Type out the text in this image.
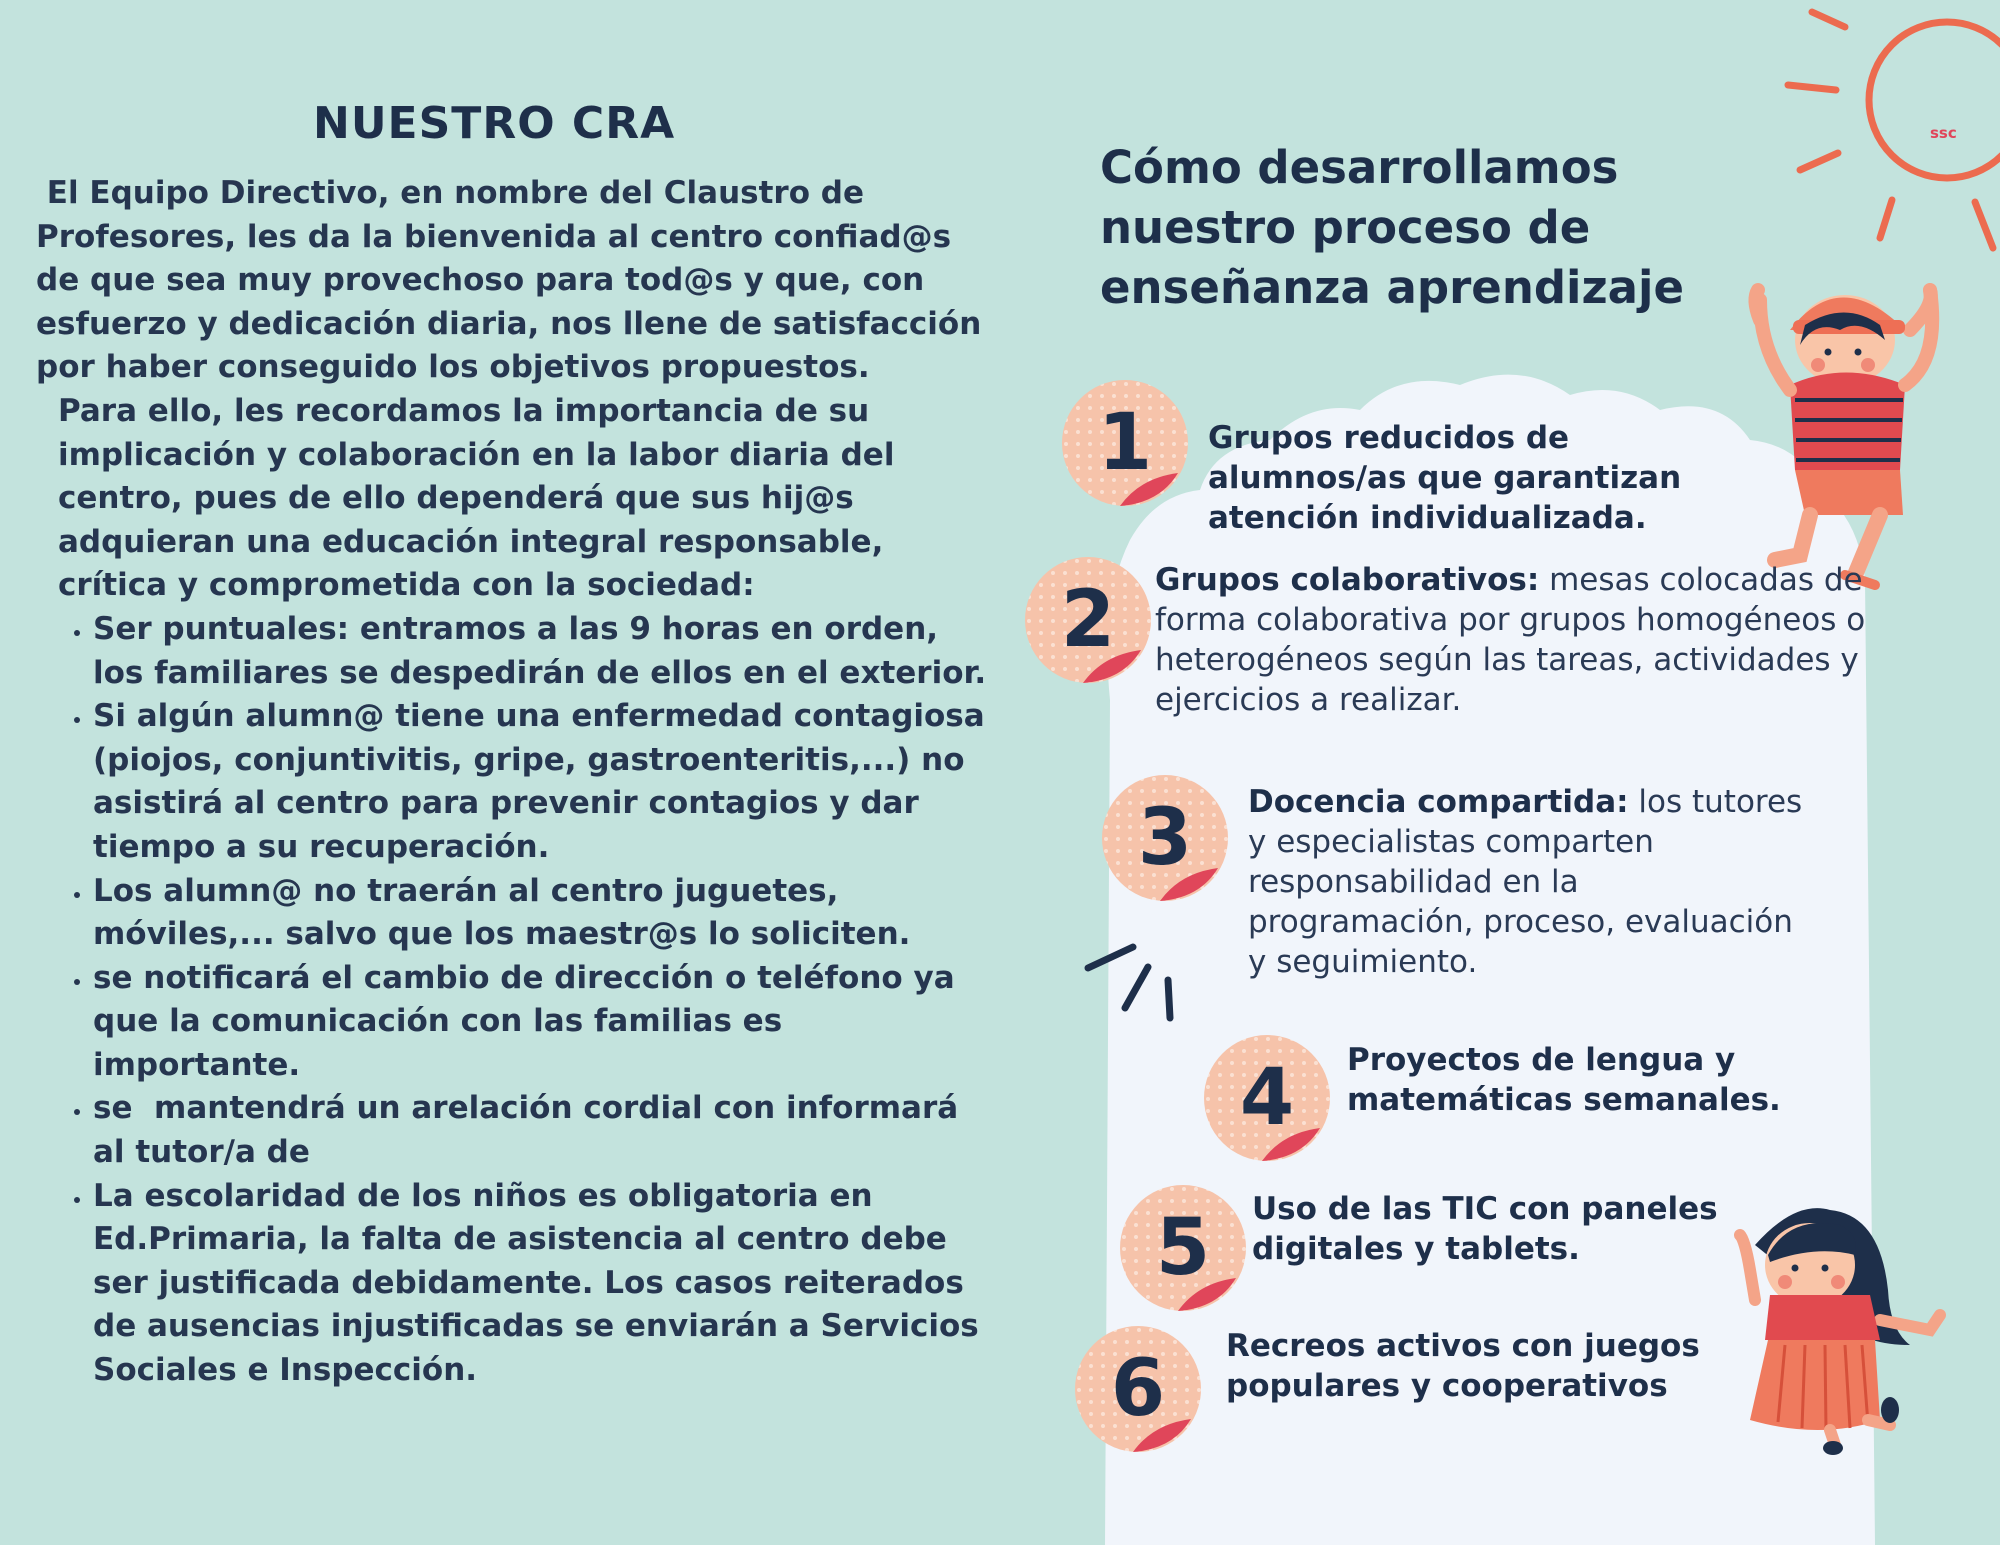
ssc
NUESTRO CRA

El Equipo Directivo, en nombre del Claustro de Profesores, les da la bienvenida al centro confiad@s de que sea muy provechoso para tod@s y que, con esfuerzo y dedicación diaria, nos llene de satisfacción por haber conseguido los objetivos propuestos.

Para ello, les recordamos la importancia de su implicación y colaboración en la labor diaria del centro, pues de ello dependerá que sus hij@s adquieran una educación integral responsable, crítica y comprometida con la sociedad:

• Ser puntuales: entramos a las 9 horas en orden, los familiares se despedirán de ellos en el exterior.
• Si algún alumn@ tiene una enfermedad contagiosa (piojos, conjuntivitis, gripe, gastroenteritis,...) no asistirá al centro para prevenir contagios y dar tiempo a su recuperación.
• Los alumn@ no traerán al centro juguetes, móviles,... salvo que los maestr@s lo soliciten.
• se notificará el cambio de dirección o teléfono ya que la comunicación con las familias es importante.
• se  mantendrá un arelación cordial con informará al tutor/a de
• La escolaridad de los niños es obligatoria en Ed.Primaria, la falta de asistencia al centro debe ser justificada debidamente. Los casos reiterados de ausencias injustificadas se enviarán a Servicios Sociales e Inspección.
Cómo desarrollamos
nuestro proceso de
enseñanza aprendizaje
1	Grupos reducidos de alumnos/as que garantizan atención individualizada.
2	Grupos colaborativos: mesas colocadas de forma colaborativa por grupos homogéneos o heterogéneos según las tareas, actividades y ejercicios a realizar.
3	Docencia compartida: los tutores y especialistas comparten responsabilidad en la programación, proceso, evaluación y seguimiento.
4	Proyectos de lengua y matemáticas semanales.
5	Uso de las TIC con paneles digitales y tablets.
6	Recreos activos con juegos populares y cooperativos
